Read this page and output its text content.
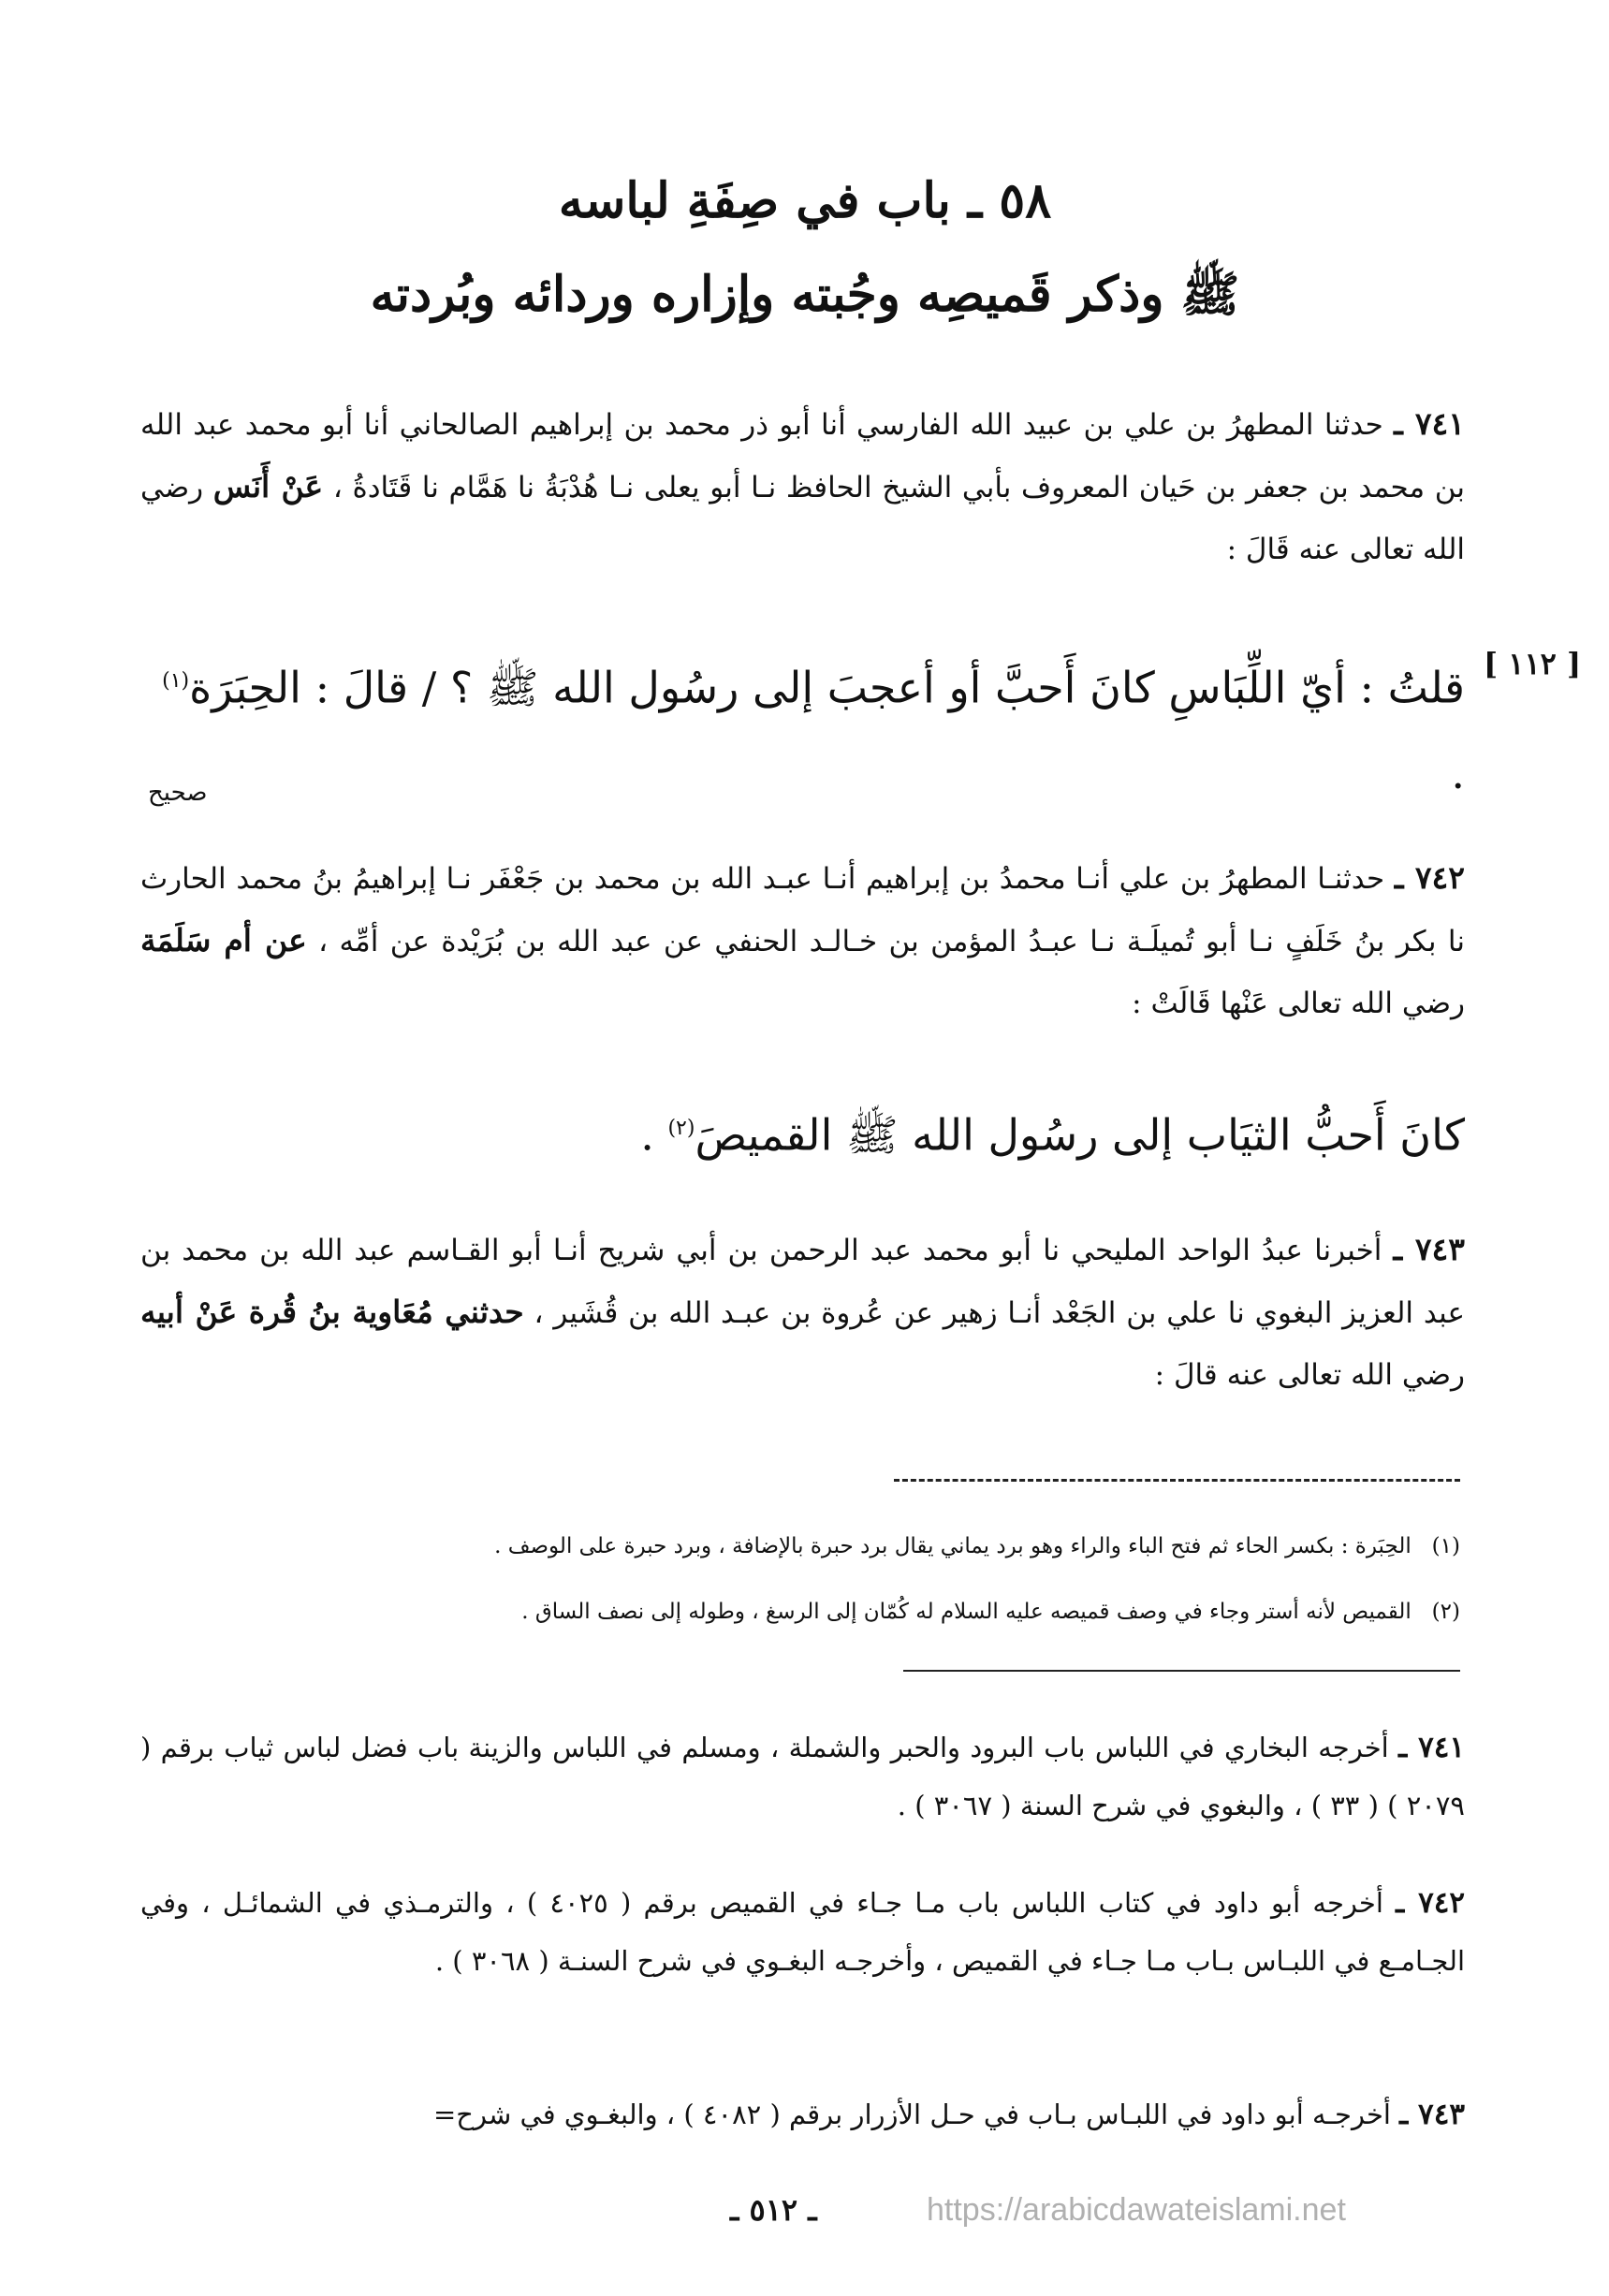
٥٨ ـ باب في صِفَةِ لباسه
ﷺ وذكر قَميصِه وجُبته وإزاره وردائه وبُردته
٧٤١ ـ حدثنا المطهرُ بن علي بن عبيد الله الفارسي أنا أبو ذر محمد بن إبراهيم الصالحاني أنا أبو محمد عبد الله بن محمد بن جعفر بن حَيان المعروف بأبي الشيخ الحافظ نـا أبو يعلى نـا هُدْبَةُ نا هَمَّام نا قَتَادةُ ، عَنْ أَنَس رضي الله تعالى عنه قَالَ :
[ ١١٢ ]
قلتُ : أيّ اللِّبَاسِ كانَ أَحبَّ أو أعجبَ إلى رسُول الله ﷺ ؟ / قالَ : الحِبَرَة$^{(١)}$ .
صحيح
٧٤٢ ـ حدثنـا المطهرُ بن علي أنـا محمدُ بن إبراهيم أنـا عبـد الله بن محمد بن جَعْفَر نـا إبراهيمُ بنُ محمد الحارث نا بكر بنُ خَلَفٍ نـا أبو تُميلَـة نـا عبـدُ المؤمن بن خـالـد الحنفي عن عبد الله بن بُرَيْدة عن أمِّه ، عن أم سَلَمَة رضي الله تعالى عَنْها قَالَتْ :
كانَ أَحبُّ الثيَاب إلى رسُول الله ﷺ القميصَ$^{(٢)}$ .
٧٤٣ ـ أخبرنا عبدُ الواحد المليحي نا أبو محمد عبد الرحمن بن أبي شريح أنـا أبو القـاسم عبد الله بن محمد بن عبد العزيز البغوي نا علي بن الجَعْد أنـا زهير عن عُروة بن عبـد الله بن قُشَير ، حدثني مُعَاوية بنُ قُرة عَنْ أبيه رضي الله تعالى عنه قالَ :
(١)   الحِبَرة : بكسر الحاء ثم فتح الباء والراء وهو برد يماني يقال برد حبرة بالإضافة ، وبرد حبرة على الوصف .
(٢)   القميص لأنه أستر وجاء في وصف قميصه عليه السلام له كُمّان إلى الرسغ ، وطوله إلى نصف الساق .
٧٤١ ـ أخرجه البخاري في اللباس باب البرود والحبر والشملة ، ومسلم في اللباس والزينة باب فضل لباس ثياب برقم ( ٢٠٧٩ ) ( ٣٣ ) ، والبغوي في شرح السنة ( ٣٠٦٧ ) .
٧٤٢ ـ أخرجه أبو داود في كتاب اللباس باب مـا جـاء في القميص برقم ( ٤٠٢٥ ) ، والترمـذي في الشمائـل ، وفي الجـامـع في اللبـاس بـاب مـا جـاء في القميص ، وأخرجـه البغـوي في شرح السنـة ( ٣٠٦٨ ) .
٧٤٣ ـ أخرجـه أبو داود في اللبـاس بـاب في حـل الأزرار برقم ( ٤٠٨٢ ) ، والبغـوي في شرح=
ـ ٥١٢ ـ	https://arabicdawateislami.net
